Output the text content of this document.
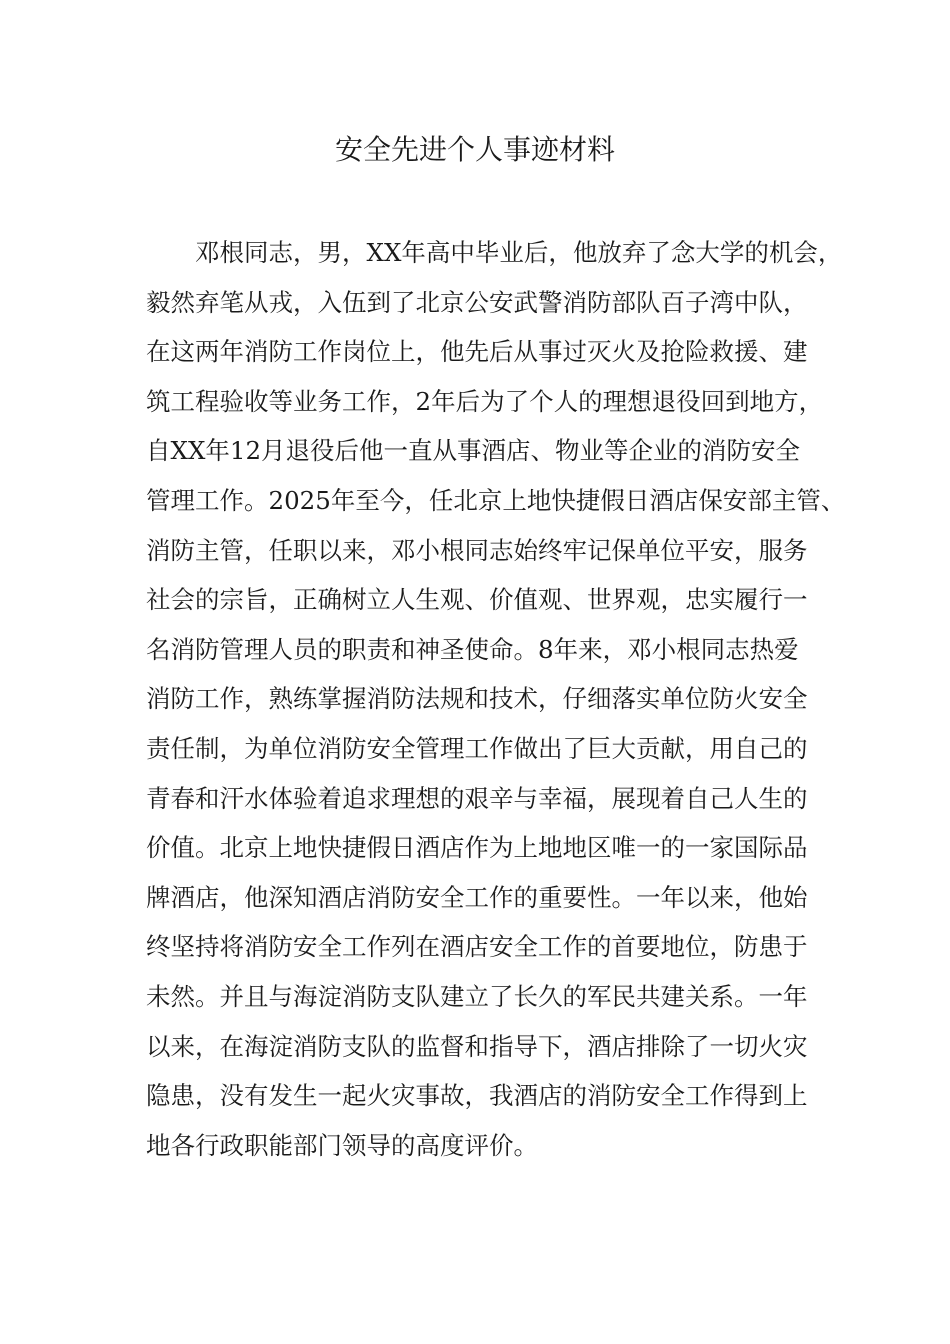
安全先进个人事迹材料
邓根同志，男，XX年高中毕业后，他放弃了念大学的机会，
毅然弃笔从戎，入伍到了北京公安武警消防部队百子湾中队，
在这两年消防工作岗位上，他先后从事过灭火及抢险救援、建
筑工程验收等业务工作，2年后为了个人的理想退役回到地方，
自XX年12月退役后他一直从事酒店、物业等企业的消防安全
管理工作。2025年至今，任北京上地快捷假日酒店保安部主管、
消防主管，任职以来，邓小根同志始终牢记保单位平安，服务
社会的宗旨，正确树立人生观、价值观、世界观，忠实履行一
名消防管理人员的职责和神圣使命。8年来，邓小根同志热爱
消防工作，熟练掌握消防法规和技术，仔细落实单位防火安全
责任制，为单位消防安全管理工作做出了巨大贡献，用自己的
青春和汗水体验着追求理想的艰辛与幸福，展现着自己人生的
价值。北京上地快捷假日酒店作为上地地区唯一的一家国际品
牌酒店，他深知酒店消防安全工作的重要性。一年以来，他始
终坚持将消防安全工作列在酒店安全工作的首要地位，防患于
未然。并且与海淀消防支队建立了长久的军民共建关系。一年
以来，在海淀消防支队的监督和指导下，酒店排除了一切火灾
隐患，没有发生一起火灾事故，我酒店的消防安全工作得到上
地各行政职能部门领导的高度评价。
